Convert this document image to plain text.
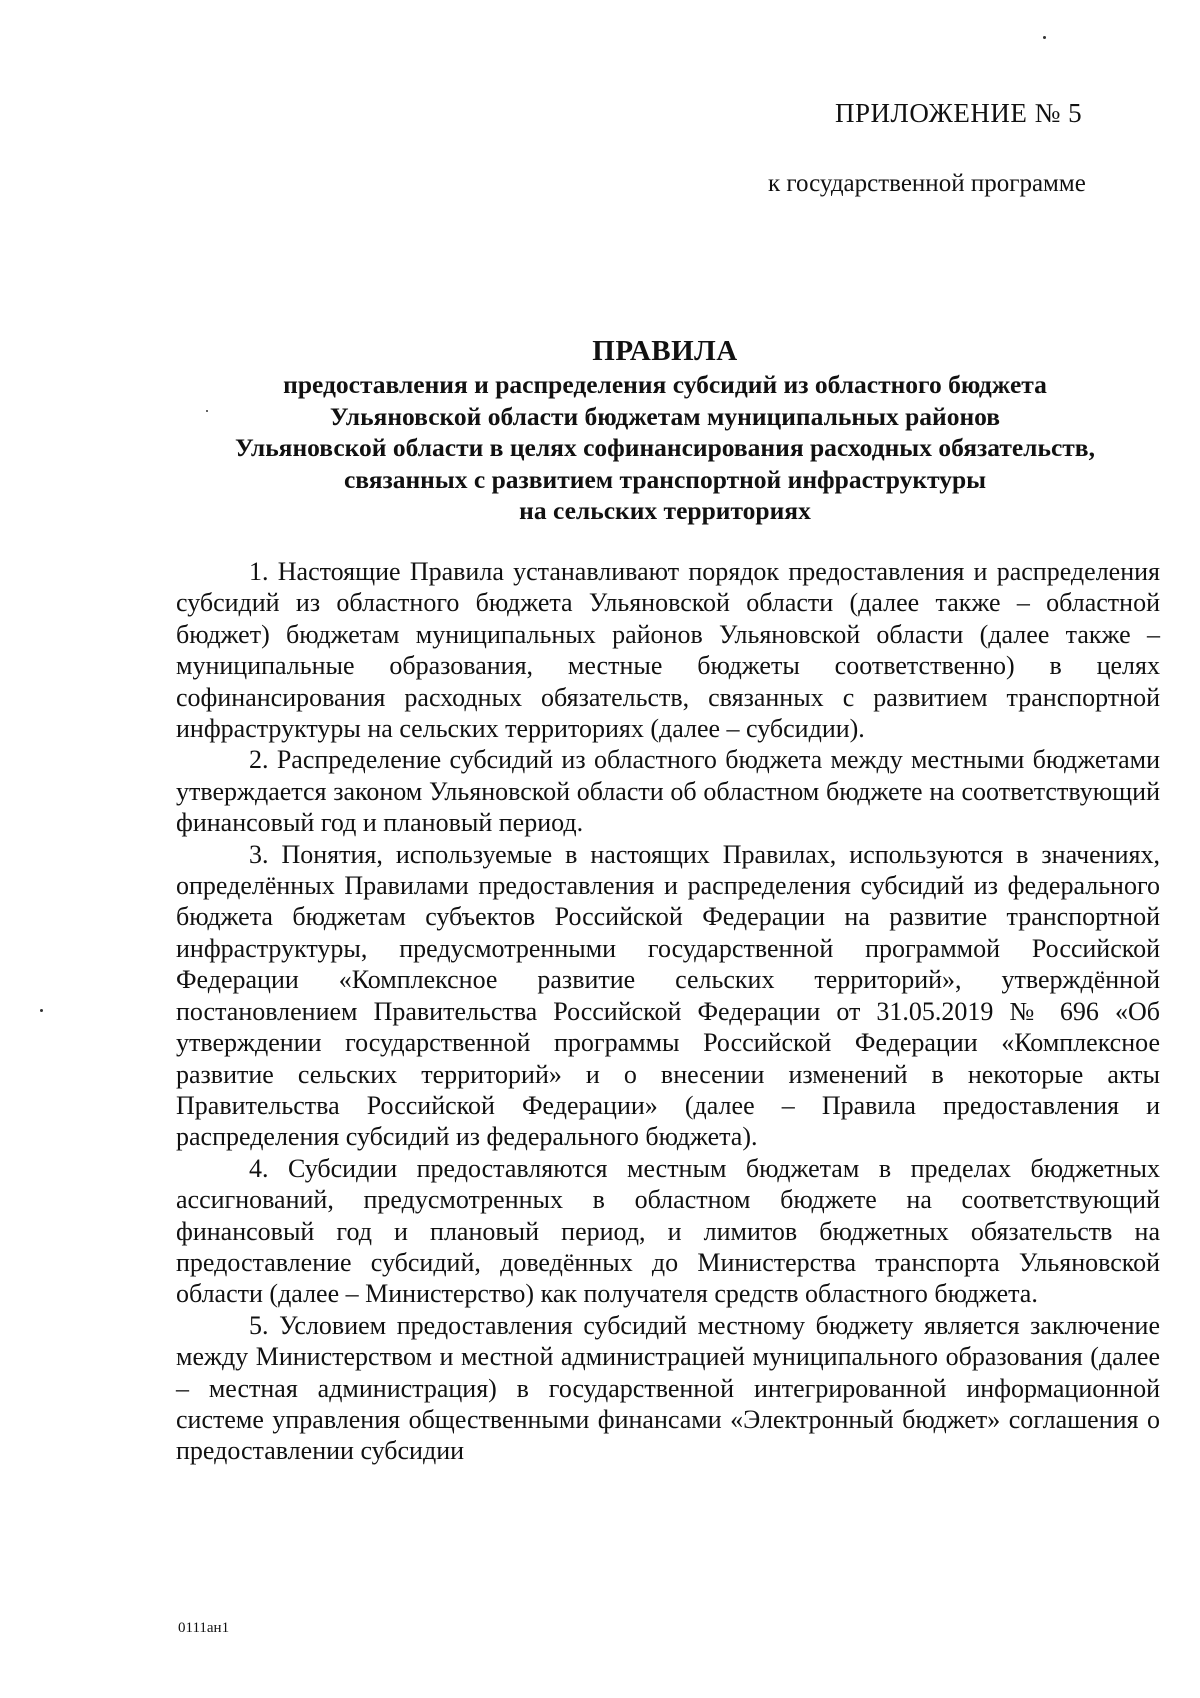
ПРИЛОЖЕНИЕ № 5
к государственной программе
ПРАВИЛА
предоставления и распределения субсидий из областного бюджета
Ульяновской области бюджетам муниципальных районов
Ульяновской области в целях софинансирования расходных обязательств,
связанных с развитием транспортной инфраструктуры
на сельских территориях

1. Настоящие Правила устанавливают порядок предоставления и распределения субсидий из областного бюджета Ульяновской области (далее также – областной бюджет) бюджетам муниципальных районов Ульяновской области (далее также – муниципальные образования, местные бюджеты соответственно) в целях софинансирования расходных обязательств, связанных с развитием транспортной инфраструктуры на сельских территориях (далее – субсидии).

2. Распределение субсидий из областного бюджета между местными бюджетами утверждается законом Ульяновской области об областном бюджете на соответствующий финансовый год и плановый период.

3. Понятия, используемые в настоящих Правилах, используются в значениях, определённых Правилами предоставления и распределения субсидий из федерального бюджета бюджетам субъектов Российской Федерации на развитие транспортной инфраструктуры, предусмотренными государственной программой Российской Федерации «Комплексное развитие сельских территорий», утверждённой постановлением Правительства Российской Федерации от 31.05.2019 № 696 «Об утверждении государственной программы Российской Федерации «Комплексное развитие сельских территорий» и о внесении изменений в некоторые акты Правительства Российской Федерации» (далее – Правила предоставления и распределения субсидий из федерального бюджета).

4. Субсидии предоставляются местным бюджетам в пределах бюджетных ассигнований, предусмотренных в областном бюджете на соответствующий финансовый год и плановый период, и лимитов бюджетных обязательств на предоставление субсидий, доведённых до Министерства транспорта Ульяновской области (далее – Министерство) как получателя средств областного бюджета.

5. Условием предоставления субсидий местному бюджету является заключение между Министерством и местной администрацией муниципального образования (далее – местная администрация) в государственной интегрированной информационной системе управления общественными финансами «Электронный бюджет» соглашения о предоставлении субсидии

0111ан1
